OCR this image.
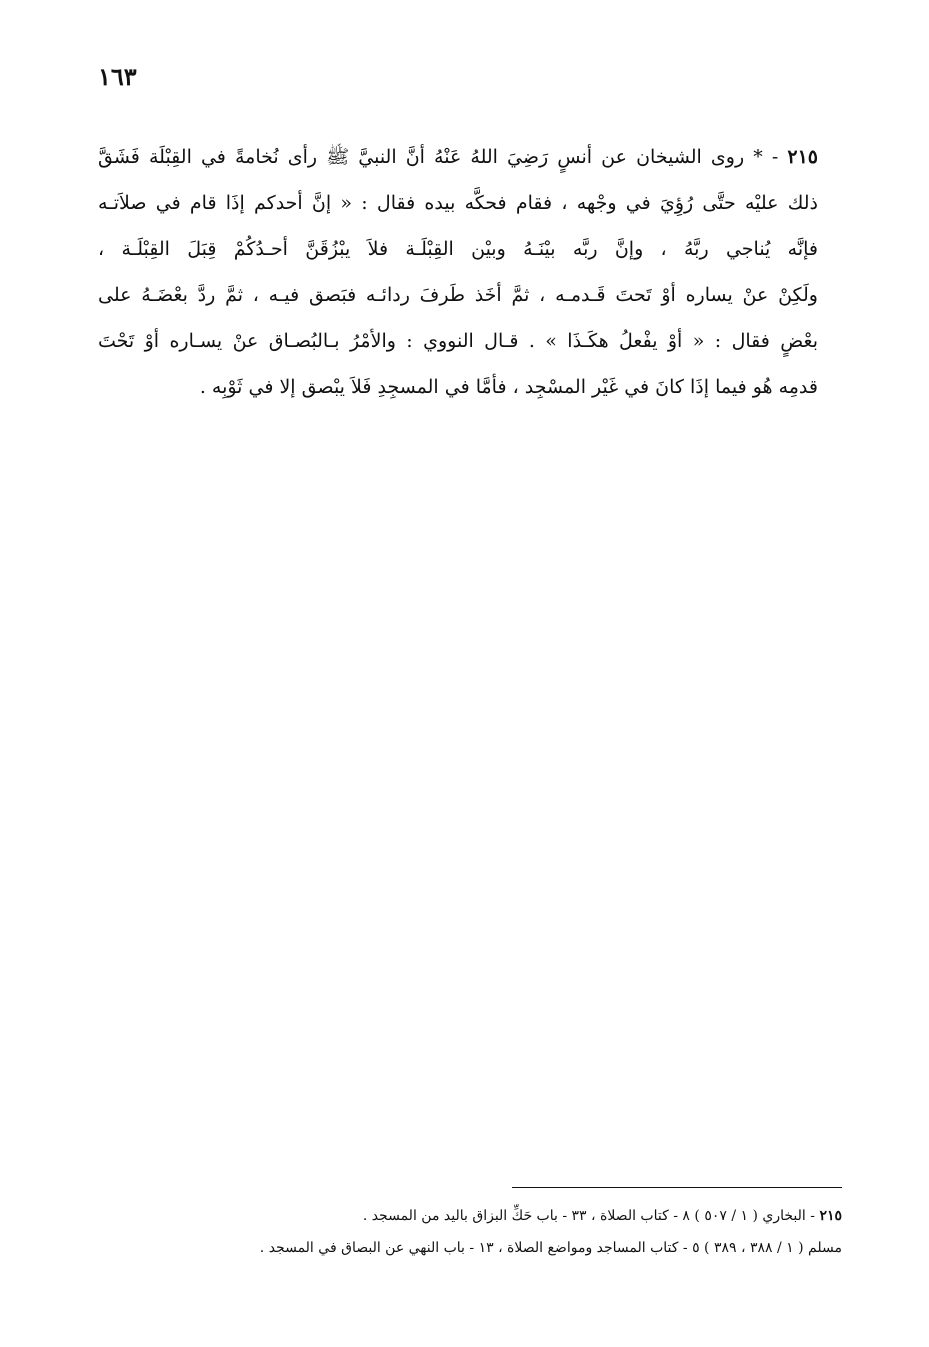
١٦٣
٢١٥ - * روى الشيخان عن أنسٍ رَضِيَ اللهُ عَنْهُ أنَّ النبيَّ ﷺ رأى نُخامةً في القِبْلَة فَشَقَّ
ذلك عليْه حتَّى رُؤِيَ في وجْهه ، فقام فحكَّه بيده فقال : « إنَّ أحدكم إذَا قام في صلاَتـه
فإنَّه يُناجي ربَّهُ ، وإنَّ ربَّه بيْنَـهُ وبيْن القِبْلَـة فلاَ يبْزُقَنَّ أحـدُكُمْ قِبَلَ القِبْلَـة ،
ولَكِنْ عنْ يساره أوْ تَحتَ قَـدمـه ، ثمَّ أخَذ طَرفَ ردائـه فبَصق فيـه ، ثمَّ ردَّ بعْضَـهُ على
بعْضٍ فقال : « أوْ يفْعلُ هكَـذَا » . قـال النووي : والأمْرُ بـالبُصـاق عنْ يسـاره أوْ تَحْتَ
قدمِه هُو فيما إذَا كانَ في غَيْر المسْجِد ، فأمَّا في المسجِدِ فَلاَ يبْصق إلا في ثَوْبِه .
٢١٥ - البخاري ( ١ / ٥٠٧ ) ٨ - كتاب الصلاة ، ٣٣ - باب حَكِّ البزاق باليد من المسجد .
مسلم ( ١ / ٣٨٨ ، ٣٨٩ ) ٥ - كتاب المساجد ومواضع الصلاة ، ١٣ - باب النهي عن البصاق في المسجد .
